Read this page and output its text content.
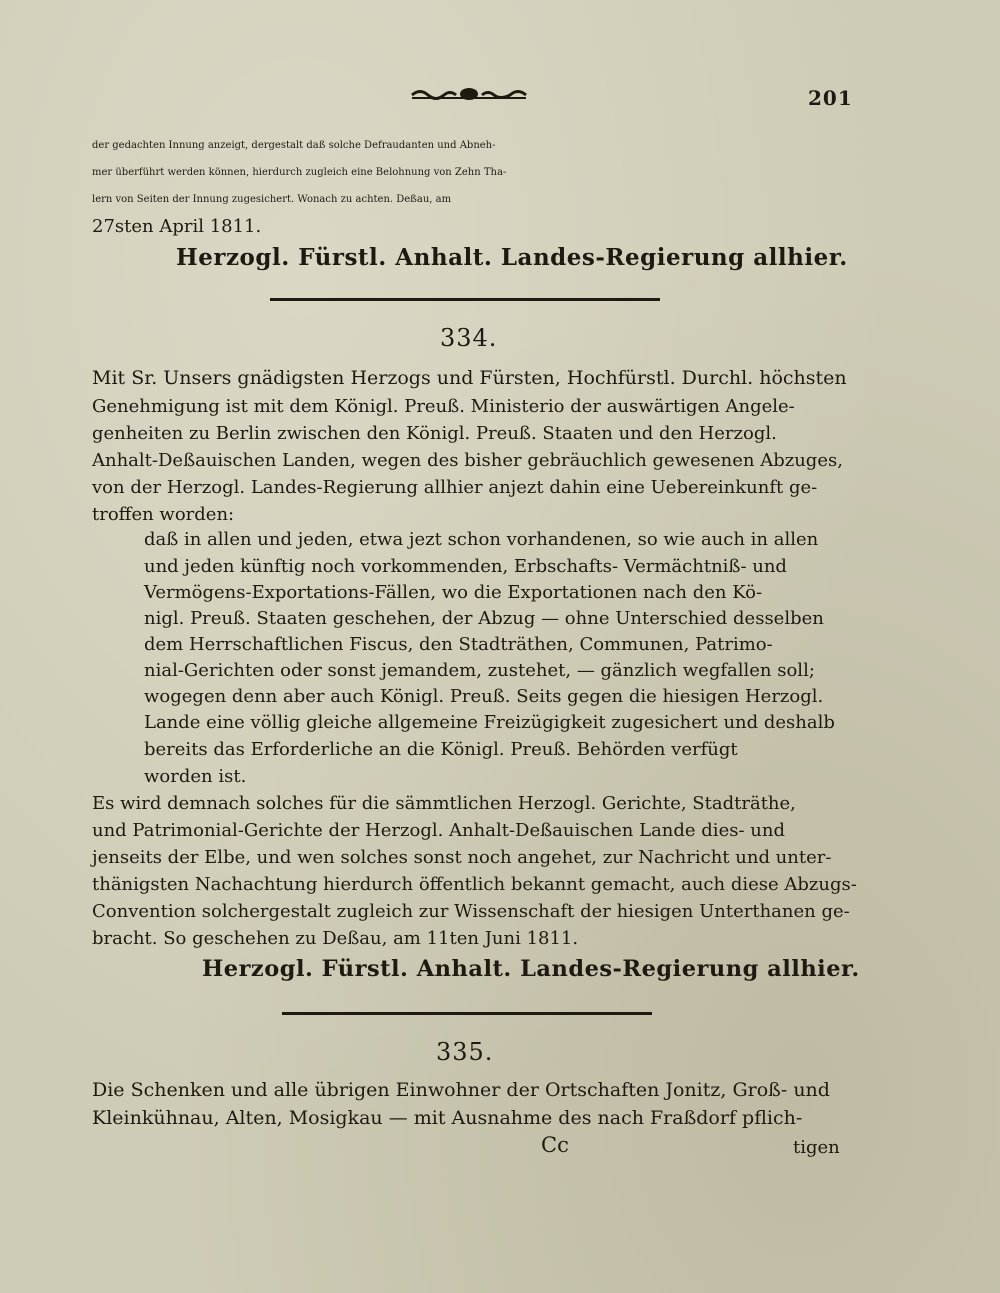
201
der gedachten Innung anzeigt, dergestalt daß solche Defraudanten und Abneh-
mer überführt werden können, hierdurch zugleich eine Belohnung von Zehn Tha-
lern von Seiten der Innung zugesichert. Wonach zu achten. Deßau, am
27sten April 1811.
Herzogl. Fürstl. Anhalt. Landes-Regierung allhier.
334.
Mit Sr. Unsers gnädigsten Herzogs und Fürsten, Hochfürstl. Durchl. höchsten
Genehmigung ist mit dem Königl. Preuß. Ministerio der auswärtigen Angele-
genheiten zu Berlin zwischen den Königl. Preuß. Staaten und den Herzogl.
Anhalt-Deßauischen Landen, wegen des bisher gebräuchlich gewesenen Abzuges,
von der Herzogl. Landes-Regierung allhier anjezt dahin eine Uebereinkunft ge-
troffen worden:
daß in allen und jeden, etwa jezt schon vorhandenen, so wie auch in allen
und jeden künftig noch vorkommenden, Erbschafts- Vermächtniß- und
Vermögens-Exportations-Fällen, wo die Exportationen nach den Kö-
nigl. Preuß. Staaten geschehen, der Abzug — ohne Unterschied desselben
dem Herrschaftlichen Fiscus, den Stadträthen, Communen, Patrimo-
nial-Gerichten oder sonst jemandem, zustehet, — gänzlich wegfallen soll;
wogegen denn aber auch Königl. Preuß. Seits gegen die hiesigen Herzogl.
Lande eine völlig gleiche allgemeine Freizügigkeit zugesichert und deshalb
bereits das Erforderliche an die Königl. Preuß. Behörden verfügt
worden ist.
Es wird demnach solches für die sämmtlichen Herzogl. Gerichte, Stadträthe,
und Patrimonial-Gerichte der Herzogl. Anhalt-Deßauischen Lande dies- und
jenseits der Elbe, und wen solches sonst noch angehet, zur Nachricht und unter-
thänigsten Nachachtung hierdurch öffentlich bekannt gemacht, auch diese Abzugs-
Convention solchergestalt zugleich zur Wissenschaft der hiesigen Unterthanen ge-
bracht. So geschehen zu Deßau, am 11ten Juni 1811.
Herzogl. Fürstl. Anhalt. Landes-Regierung allhier.
335.
Die Schenken und alle übrigen Einwohner der Ortschaften Jonitz, Groß- und
Kleinkühnau, Alten, Mosigkau — mit Ausnahme des nach Fraßdorf pflich-
Cc	tigen
